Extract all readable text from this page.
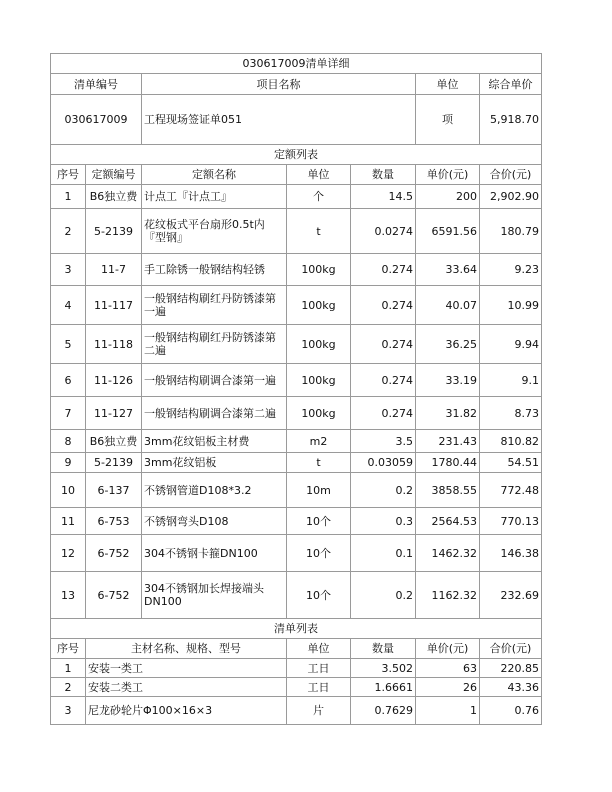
030617009清单详细						
清单编号		项目名称			单位	综合单价
030617009		工程现场签证单051			项	5,918.70
定额列表						
序号	定额编号	定额名称	单位	数量	单价(元)	合价(元)
1	B6独立费	计点工『计点工』	个	14.5	200	2,902.90
2	5-2139	花纹板式平台扇形0.5t内『型钢』	t	0.0274	6591.56	180.79
3	11-7	手工除锈一般钢结构轻锈	100kg	0.274	33.64	9.23
4	11-117	一般钢结构刷红丹防锈漆第一遍	100kg	0.274	40.07	10.99
5	11-118	一般钢结构刷红丹防锈漆第二遍	100kg	0.274	36.25	9.94
6	11-126	一般钢结构刷调合漆第一遍	100kg	0.274	33.19	9.1
7	11-127	一般钢结构刷调合漆第二遍	100kg	0.274	31.82	8.73
8	B6独立费	3mm花纹铝板主材费	m2	3.5	231.43	810.82
9	5-2139	3mm花纹铝板	t	0.03059	1780.44	54.51
10	6-137	不锈钢管道D108*3.2	10m	0.2	3858.55	772.48
11	6-753	不锈钢弯头D108	10个	0.3	2564.53	770.13
12	6-752	304不锈钢卡箍DN100	10个	0.1	1462.32	146.38
13	6-752	304不锈钢加长焊接端头DN100	10个	0.2	1162.32	232.69
清单列表						
序号	主材名称、规格、型号		单位	数量	单价(元)	合价(元)
1	安装一类工		工日	3.502	63	220.85
2	安装二类工		工日	1.6661	26	43.36
3	尼龙砂轮片Φ100×16×3		片	0.7629	1	0.76
